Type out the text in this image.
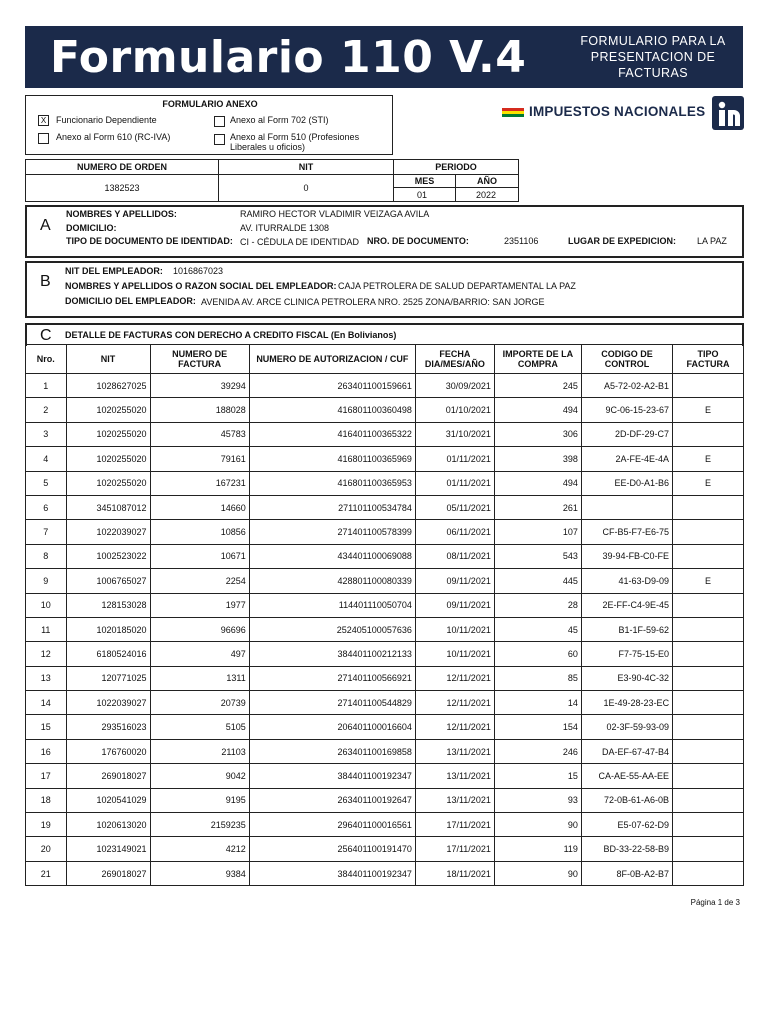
Formulario 110 V.4	FORMULARIO PARA LA
PRESENTACION DE
FACTURAS
FORMULARIO ANEXO
X	Funcionario Dependiente
Anexo al Form 610 (RC-IVA)
Anexo al Form 702 (STI)
Anexo al Form 510 (Profesiones
Liberales u oficios)
IMPUESTOS NACIONALES
NUMERO DE ORDEN	NIT	PERIODO
1382523	0
MES	AÑO
01	2022
A
NOMBRES Y APELLIDOS:	RAMIRO HECTOR VLADIMIR VEIZAGA AVILA
DOMICILIO:	AV. ITURRALDE 1308
TIPO DE DOCUMENTO DE IDENTIDAD: CI - CÉDULA DE IDENTIDAD NRO. DE DOCUMENTO:	2351106	LUGAR DE EXPEDICION: LA PAZ
B
NIT DEL EMPLEADOR: 1016867023
NOMBRES Y APELLIDOS O RAZON SOCIAL DEL EMPLEADOR: CAJA PETROLERA DE SALUD DEPARTAMENTAL LA PAZ
DOMICILIO DEL EMPLEADOR: AVENIDA AV. ARCE CLINICA PETROLERA NRO. 2525 ZONA/BARRIO: SAN JORGE
C DETALLE DE FACTURAS CON DERECHO A CREDITO FISCAL (En Bolivianos)
Nro.	NIT	NUMERO DE FACTURA	NUMERO DE AUTORIZACION / CUF	FECHA DIA/MES/AÑO	IMPORTE DE LA COMPRA	CODIGO DE CONTROL	TIPO FACTURA
1	1028627025	39294	263401100159661	30/09/2021	245	A5-72-02-A2-B1	
2	1020255020	188028	416801100360498	01/10/2021	494	9C-06-15-23-67	E
3	1020255020	45783	416401100365322	31/10/2021	306	2D-DF-29-C7	
4	1020255020	79161	416801100365969	01/11/2021	398	2A-FE-4E-4A	E
5	1020255020	167231	416801100365953	01/11/2021	494	EE-D0-A1-B6	E
6	3451087012	14660	271101100534784	05/11/2021	261		
7	1022039027	10856	271401100578399	06/11/2021	107	CF-B5-F7-E6-75	
8	1002523022	10671	434401100069088	08/11/2021	543	39-94-FB-C0-FE	
9	1006765027	2254	428801100080339	09/11/2021	445	41-63-D9-09	E
10	128153028	1977	114401110050704	09/11/2021	28	2E-FF-C4-9E-45	
11	1020185020	96696	252405100057636	10/11/2021	45	B1-1F-59-62	
12	6180524016	497	384401100212133	10/11/2021	60	F7-75-15-E0	
13	120771025	1311	271401100566921	12/11/2021	85	E3-90-4C-32	
14	1022039027	20739	271401100544829	12/11/2021	14	1E-49-28-23-EC	
15	293516023	5105	206401100016604	12/11/2021	154	02-3F-59-93-09	
16	176760020	21103	263401100169858	13/11/2021	246	DA-EF-67-47-B4	
17	269018027	9042	384401100192347	13/11/2021	15	CA-AE-55-AA-EE	
18	1020541029	9195	263401100192647	13/11/2021	93	72-0B-61-A6-0B	
19	1020613020	2159235	296401100016561	17/11/2021	90	E5-07-62-D9	
20	1023149021	4212	256401100191470	17/11/2021	119	BD-33-22-58-B9	
21	269018027	9384	384401100192347	18/11/2021	90	8F-0B-A2-B7	
Página 1 de 3
